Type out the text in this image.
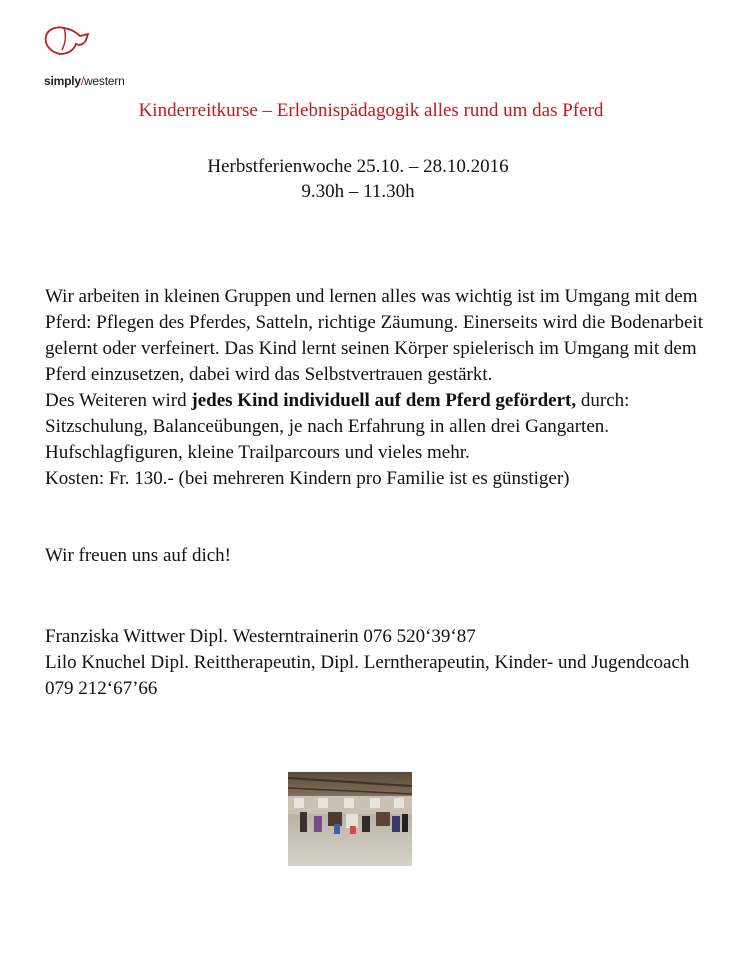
simply/western
Kinderreitkurse – Erlebnispädagogik alles rund um das Pferd
Herbstferienwoche 25.10. – 28.10.2016
9.30h – 11.30h

Wir arbeiten in kleinen Gruppen und lernen alles was wichtig ist im Umgang mit dem Pferd: Pflegen des Pferdes, Satteln, richtige Zäumung. Einerseits wird die Bodenarbeit gelernt oder verfeinert. Das Kind lernt seinen Körper spielerisch im Umgang mit dem Pferd einzusetzen, dabei wird das Selbstvertrauen gestärkt.

Des Weiteren wird jedes Kind individuell auf dem Pferd gefördert, durch: Sitzschulung, Balanceübungen, je nach Erfahrung in allen drei Gangarten. Hufschlagfiguren, kleine Trailparcours und vieles mehr.

Kosten: Fr. 130.- (bei mehreren Kindern pro Familie ist es günstiger)

Wir freuen uns auf dich!

Franziska Wittwer Dipl. Westerntrainerin 076 520‘39‘87

Lilo Knuchel Dipl. Reittherapeutin, Dipl. Lerntherapeutin, Kinder- und Jugendcoach

079 212‘67’66
